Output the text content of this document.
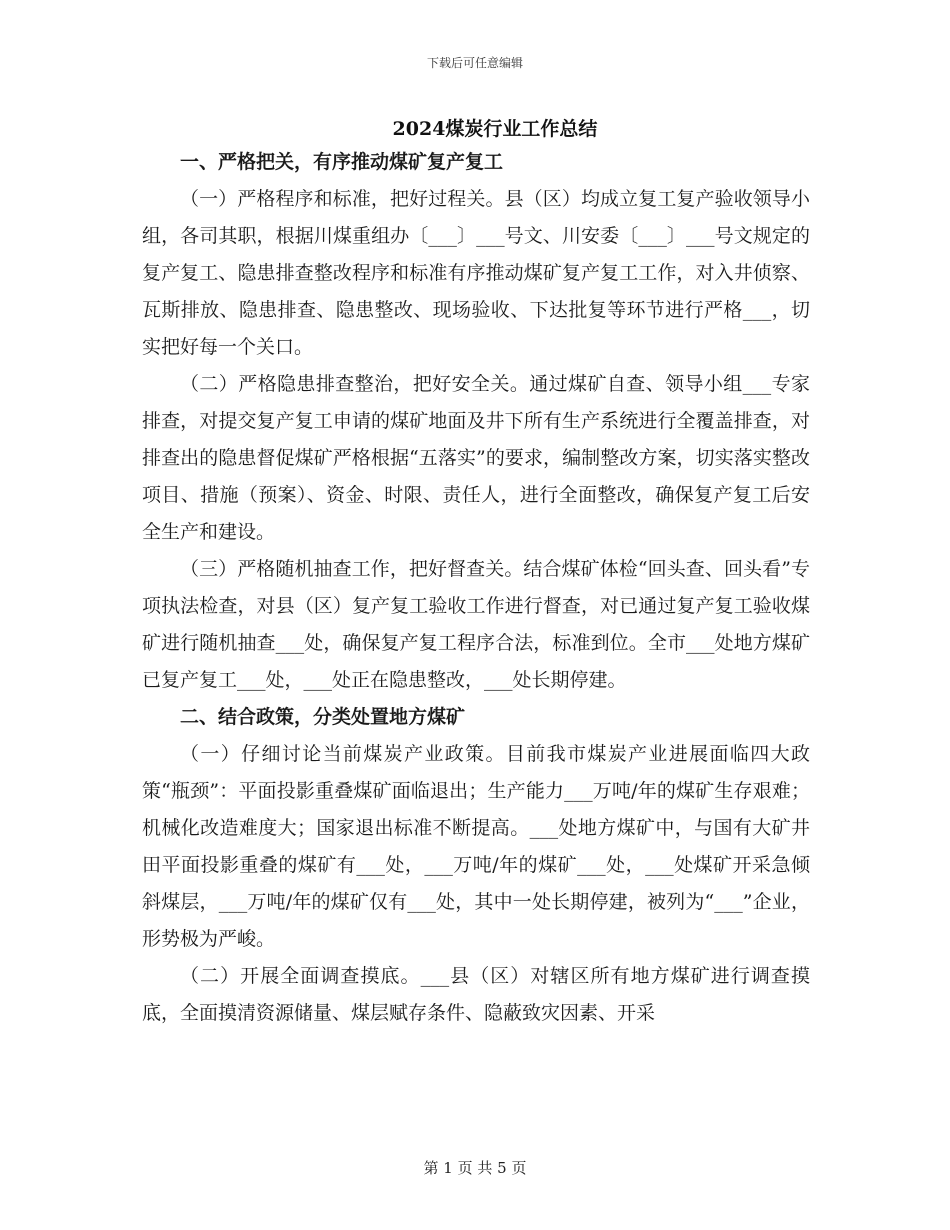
下载后可任意编辑
2024煤炭行业工作总结
一、严格把关，有序推动煤矿复产复工

（一）严格程序和标准，把好过程关。县（区）均成立复工复产验收领导小组，各司其职，根据川煤重组办〔___〕___号文、川安委〔___〕___号文规定的复产复工、隐患排查整改程序和标准有序推动煤矿复产复工工作，对入井侦察、瓦斯排放、隐患排查、隐患整改、现场验收、下达批复等环节进行严格___，切实把好每一个关口。

（二）严格隐患排查整治，把好安全关。通过煤矿自查、领导小组___专家排查，对提交复产复工申请的煤矿地面及井下所有生产系统进行全覆盖排查，对排查出的隐患督促煤矿严格根据“五落实”的要求，编制整改方案，切实落实整改项目、措施（预案）、资金、时限、责任人，进行全面整改，确保复产复工后安全生产和建设。

（三）严格随机抽查工作，把好督查关。结合煤矿体检“回头查、回头看”专项执法检查，对县（区）复产复工验收工作进行督查，对已通过复产复工验收煤矿进行随机抽查___处，确保复产复工程序合法，标准到位。全市___处地方煤矿已复产复工___处，___处正在隐患整改，___处长期停建。

二、结合政策，分类处置地方煤矿

（一）仔细讨论当前煤炭产业政策。目前我市煤炭产业进展面临四大政策“瓶颈”：平面投影重叠煤矿面临退出；生产能力___万吨/年的煤矿生存艰难；机械化改造难度大；国家退出标准不断提高。___处地方煤矿中，与国有大矿井田平面投影重叠的煤矿有___处，___万吨/年的煤矿___处，___处煤矿开采急倾斜煤层，___万吨/年的煤矿仅有___处，其中一处长期停建，被列为“___”企业，形势极为严峻。

（二）开展全面调查摸底。___县（区）对辖区所有地方煤矿进行调查摸底，全面摸清资源储量、煤层赋存条件、隐蔽致灾因素、开采

第 1 页 共 5 页
